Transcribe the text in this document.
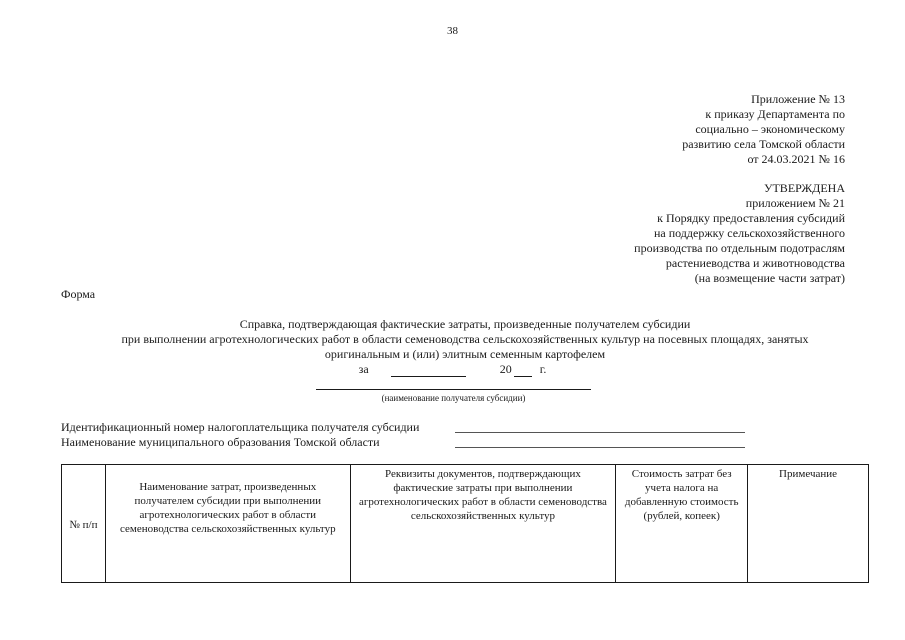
38
Приложение № 13
к приказу Департамента по
социально – экономическому
развитию села Томской области
от 24.03.2021 № 16
УТВЕРЖДЕНА
приложением № 21
к Порядку предоставления субсидий
на поддержку сельскохозяйственного
производства по отдельным подотраслям
растениеводства и животноводства
(на возмещение части затрат)
Форма
Справка, подтверждающая фактические затраты, произведенные получателем субсидии
при выполнении агротехнологических работ в области семеноводства сельскохозяйственных культур на посевных площадях, занятых
оригинальным и (или) элитным семенным картофелем
за	20 г.
(наименование получателя субсидии)
Идентификационный номер налогоплательщика получателя субсидии
Наименование муниципального образования Томской области
№ п/п	Наименование затрат, произведенных получателем субсидии при выполнении агротехнологических работ в области семеноводства сельскохозяйственных культур	Реквизиты документов, подтверждающих фактические затраты при выполнении агротехнологических работ в области семеноводства сельскохозяйственных культур	Стоимость затрат без учета налога на добавленную стоимость (рублей, копеек)	Примечание
